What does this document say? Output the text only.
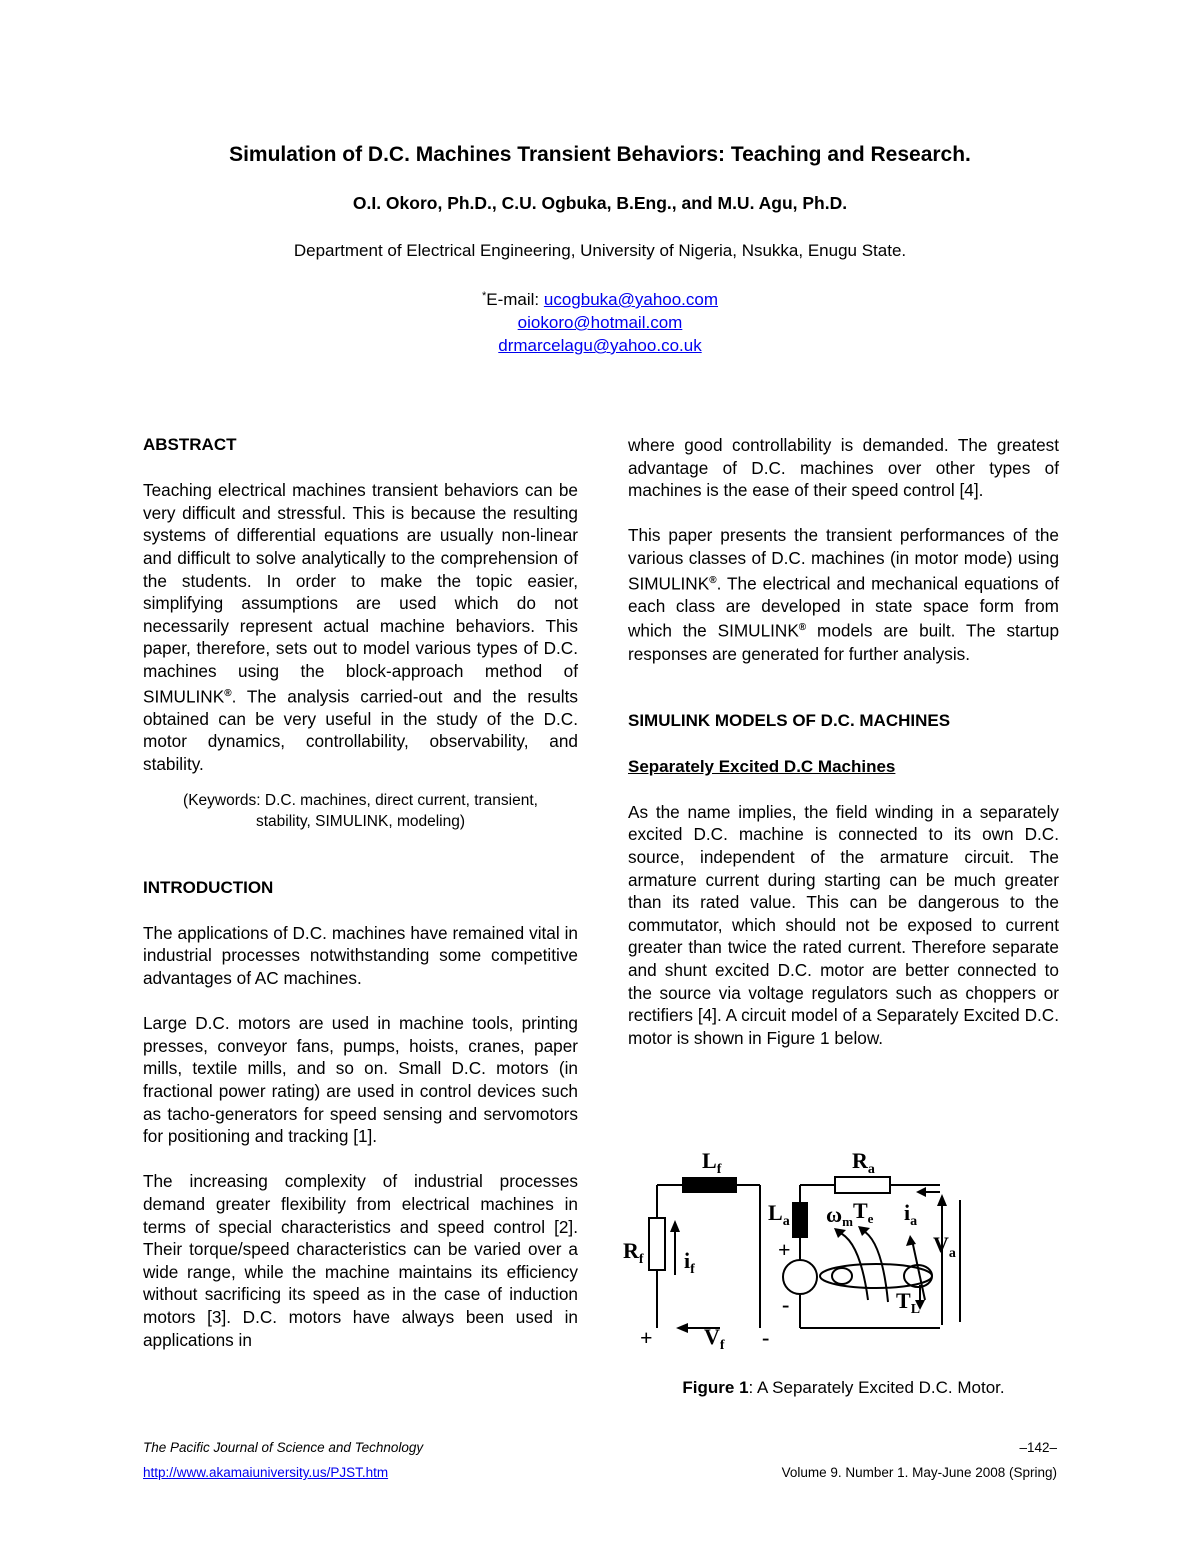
Simulation of D.C. Machines Transient Behaviors: Teaching and Research.
O.I. Okoro, Ph.D., C.U. Ogbuka, B.Eng., and M.U. Agu, Ph.D.
Department of Electrical Engineering, University of Nigeria, Nsukka, Enugu State.
*E-mail: ucogbuka@yahoo.com
oiokoro@hotmail.com
drmarcelagu@yahoo.co.uk

ABSTRACT

Teaching electrical machines transient behaviors can be very difficult and stressful. This is because the resulting systems of differential equations are usually non-linear and difficult to solve analytically to the comprehension of the students. In order to make the topic easier, simplifying assumptions are used which do not necessarily represent actual machine behaviors. This paper, therefore, sets out to model various types of D.C. machines using the block-approach method of SIMULINK®. The analysis carried-out and the results obtained can be very useful in the study of the D.C. motor dynamics, controllability, observability, and stability.

(Keywords: D.C. machines, direct current, transient, stability, SIMULINK, modeling)

INTRODUCTION

The applications of D.C. machines have remained vital in industrial processes notwithstanding some competitive advantages of AC machines.

Large D.C. motors are used in machine tools, printing presses, conveyor fans, pumps, hoists, cranes, paper mills, textile mills, and so on. Small D.C. motors (in fractional power rating) are used in control devices such as tacho-generators for speed sensing and servomotors for positioning and tracking [1].

The increasing complexity of industrial processes demand greater flexibility from electrical machines in terms of special characteristics and speed control [2]. Their torque/speed characteristics can be varied over a wide range, while the machine maintains its efficiency without sacrificing its speed as in the case of induction motors [3]. D.C. motors have always been used in applications in

where good controllability is demanded. The greatest advantage of D.C. machines over other types of machines is the ease of their speed control [4].

This paper presents the transient performances of the various classes of D.C. machines (in motor mode) using SIMULINK®. The electrical and mechanical equations of each class are developed in state space form from which the SIMULINK® models are built. The startup responses are generated for further analysis.

SIMULINK MODELS OF D.C. MACHINES

Separately Excited D.C Machines

As the name implies, the field winding in a separately excited D.C. machine is connected to its own D.C. source, independent of the armature circuit. The armature current during starting can be much greater than its rated value. This can be dangerous to the commutator, which should not be exposed to current greater than twice the rated current. Therefore separate and shunt excited D.C. motor are better connected to the source via voltage regulators such as choppers or rectifiers [4]. A circuit model of a Separately Excited D.C. motor is shown in Figure 1 below.

$L_f$	$R_a$
$L_a$
$R_f$ $i_f$
ωmT$_e$ $i_a$
$V_a$
$V_f$
$T_L$
+
-
+	-
Figure 1: A Separately Excited D.C. Motor.
The Pacific Journal of Science and Technology
http://www.akamaiuniversity.us/PJST.htm
–142–
Volume 9. Number 1. May-June 2008 (Spring)
